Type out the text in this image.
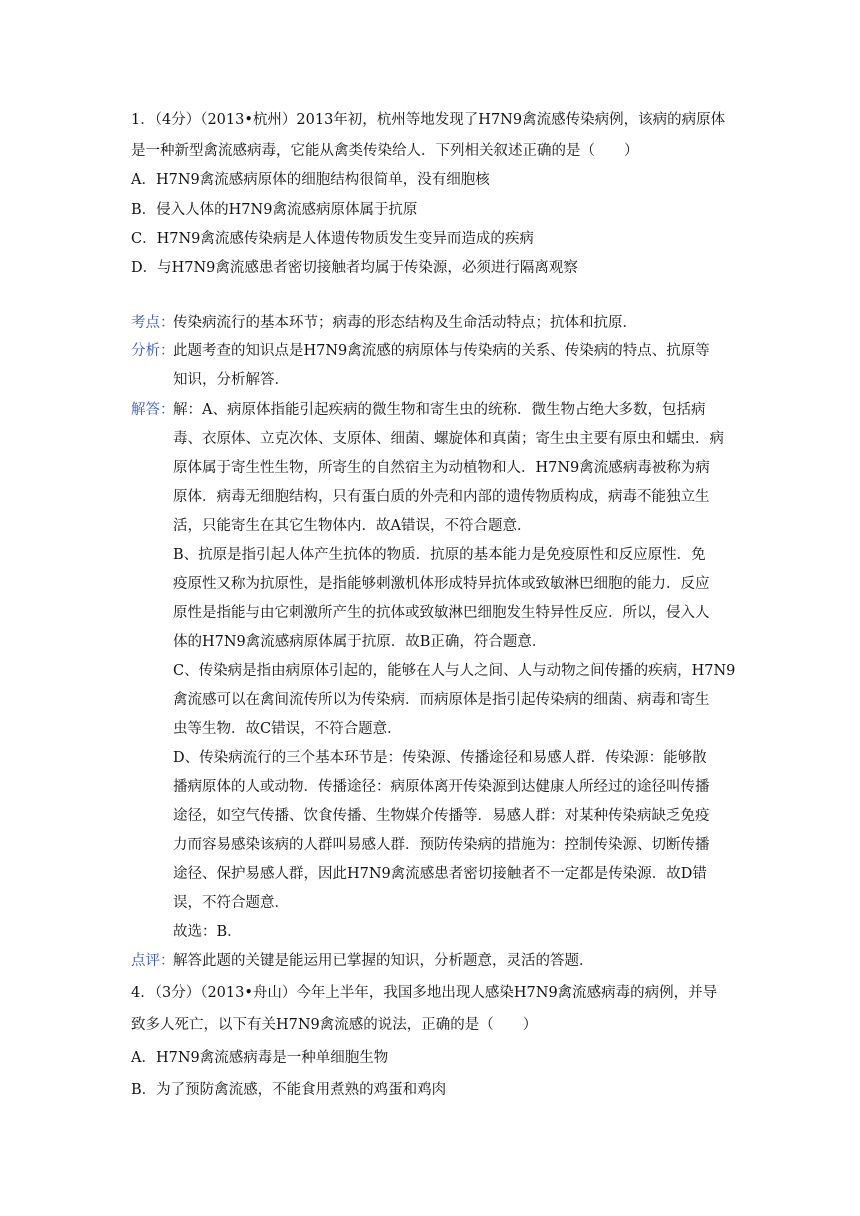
1．（4分）（2013•杭州）2013年初，杭州等地发现了H7N9禽流感传染病例，该病的病原体
是一种新型禽流感病毒，它能从禽类传染给人．下列相关叙述正确的是（　　）
A．H7N9禽流感病原体的细胞结构很简单，没有细胞核
B．侵入人体的H7N9禽流感病原体属于抗原
C．H7N9禽流感传染病是人体遗传物质发生变异而造成的疾病
D．与H7N9禽流感患者密切接触者均属于传染源，必须进行隔离观察
考点：
传染病流行的基本环节；病毒的形态结构及生命活动特点；抗体和抗原．
分析：
此题考查的知识点是H7N9禽流感的病原体与传染病的关系、传染病的特点、抗原等
知识，分析解答．
解答：
解：A、病原体指能引起疾病的微生物和寄生虫的统称．微生物占绝大多数，包括病
毒、衣原体、立克次体、支原体、细菌、螺旋体和真菌；寄生虫主要有原虫和蠕虫．病
原体属于寄生性生物，所寄生的自然宿主为动植物和人．H7N9禽流感病毒被称为病
原体．病毒无细胞结构，只有蛋白质的外壳和内部的遗传物质构成，病毒不能独立生
活，只能寄生在其它生物体内．故A错误，不符合题意．
B、抗原是指引起人体产生抗体的物质．抗原的基本能力是免疫原性和反应原性．免
疫原性又称为抗原性，是指能够刺激机体形成特异抗体或致敏淋巴细胞的能力．反应
原性是指能与由它刺激所产生的抗体或致敏淋巴细胞发生特异性反应．所以，侵入人
体的H7N9禽流感病原体属于抗原．故B正确，符合题意．
C、传染病是指由病原体引起的，能够在人与人之间、人与动物之间传播的疾病，H7N9
禽流感可以在禽间流传所以为传染病．而病原体是指引起传染病的细菌、病毒和寄生
虫等生物．故C错误，不符合题意．
D、传染病流行的三个基本环节是：传染源、传播途径和易感人群．传染源：能够散
播病原体的人或动物．传播途径：病原体离开传染源到达健康人所经过的途径叫传播
途径，如空气传播、饮食传播、生物媒介传播等．易感人群：对某种传染病缺乏免疫
力而容易感染该病的人群叫易感人群．预防传染病的措施为：控制传染源、切断传播
途径、保护易感人群，因此H7N9禽流感患者密切接触者不一定都是传染源．故D错
误，不符合题意．
故选：B．
点评：
解答此题的关键是能运用已掌握的知识，分析题意，灵活的答题．
4．（3分）（2013•舟山）今年上半年，我国多地出现人感染H7N9禽流感病毒的病例，并导
致多人死亡，以下有关H7N9禽流感的说法，正确的是（　　）
A．H7N9禽流感病毒是一种单细胞生物
B．为了预防禽流感，不能食用煮熟的鸡蛋和鸡肉
